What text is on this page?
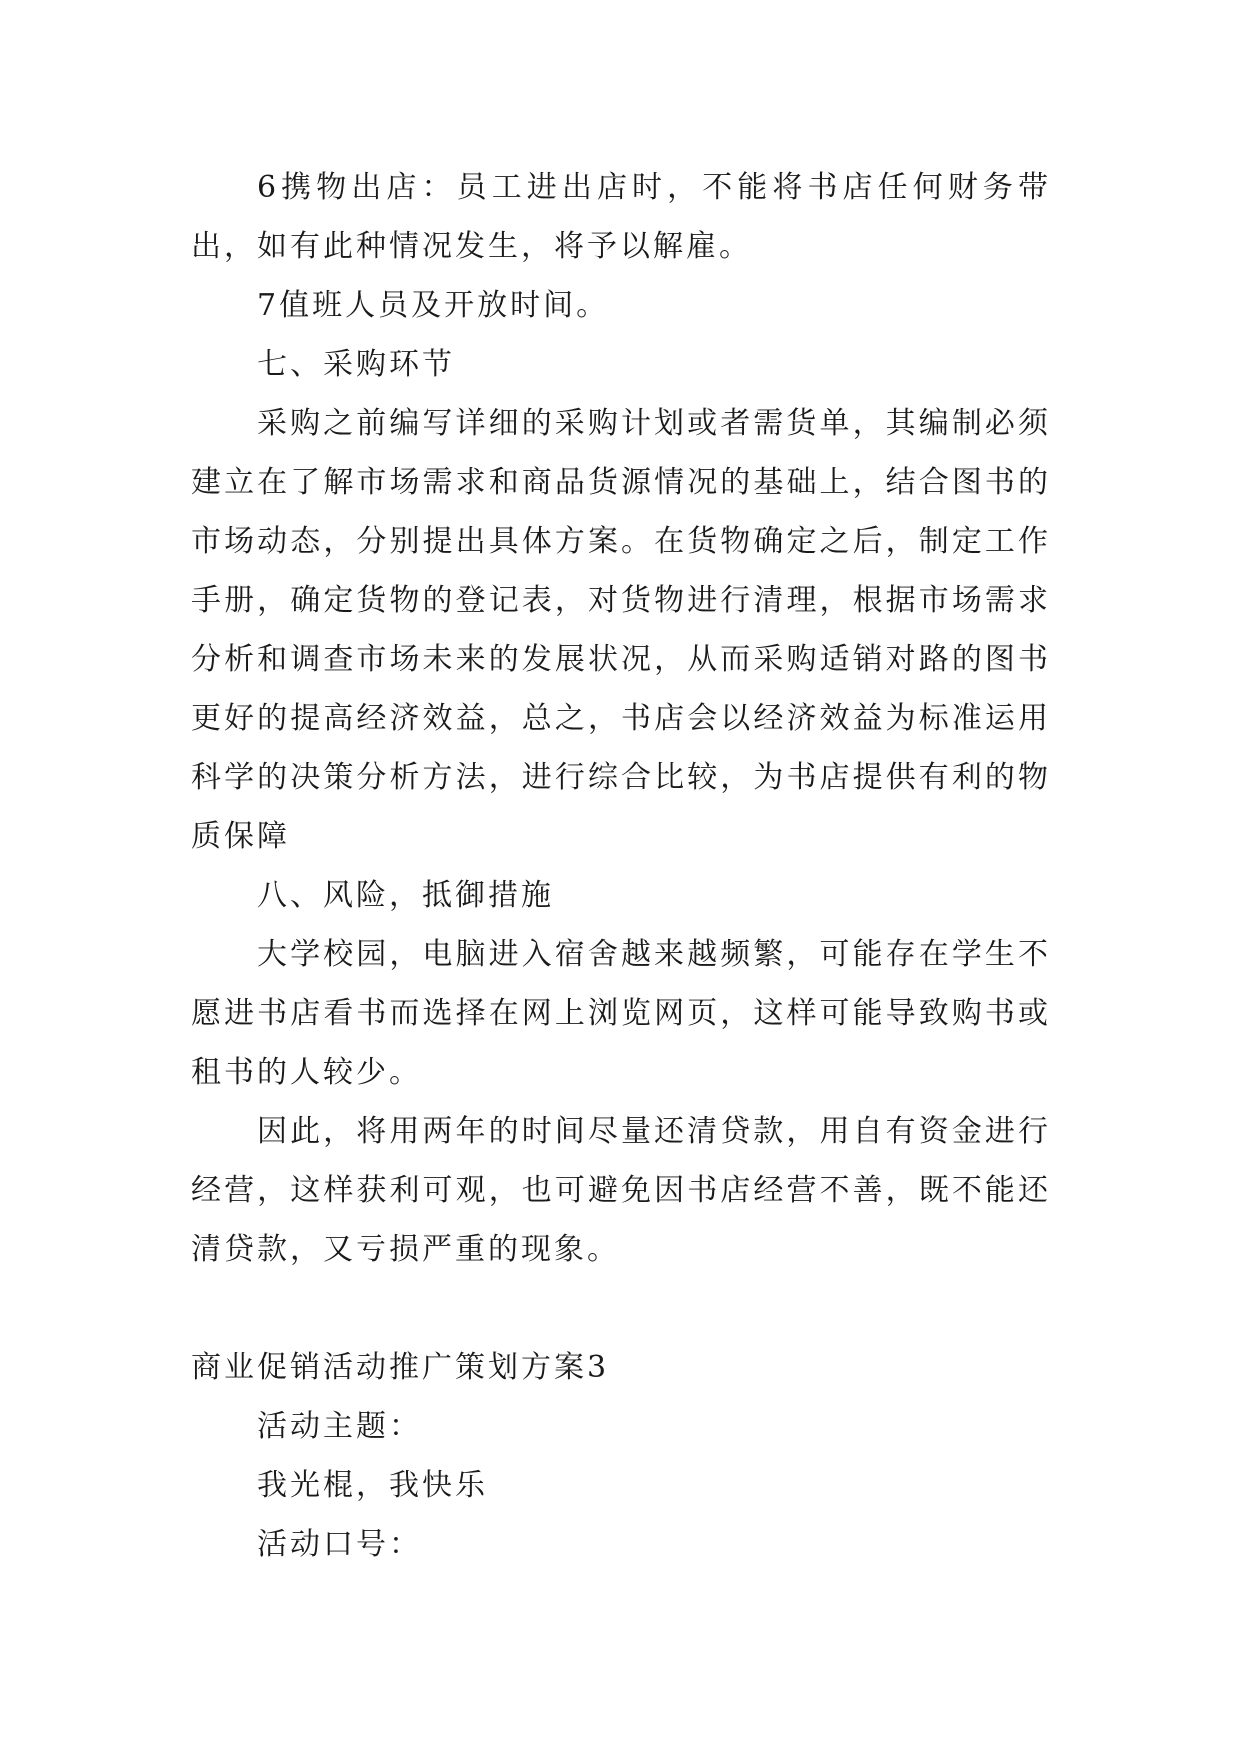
6携物出店：员工进出店时，不能将书店任何财务带出，如有此种情况发生，将予以解雇。

7值班人员及开放时间。

七、采购环节

采购之前编写详细的采购计划或者需货单，其编制必须建立在了解市场需求和商品货源情况的基础上，结合图书的市场动态，分别提出具体方案。在货物确定之后，制定工作手册，确定货物的登记表，对货物进行清理，根据市场需求分析和调查市场未来的发展状况，从而采购适销对路的图书更好的提高经济效益，总之，书店会以经济效益为标准运用科学的决策分析方法，进行综合比较，为书店提供有利的物质保障

八、风险，抵御措施

大学校园，电脑进入宿舍越来越频繁，可能存在学生不愿进书店看书而选择在网上浏览网页，这样可能导致购书或租书的人较少。

因此，将用两年的时间尽量还清贷款，用自有资金进行经营，这样获利可观，也可避免因书店经营不善，既不能还清贷款，又亏损严重的现象。

商业促销活动推广策划方案3

活动主题：

我光棍，我快乐

活动口号：
